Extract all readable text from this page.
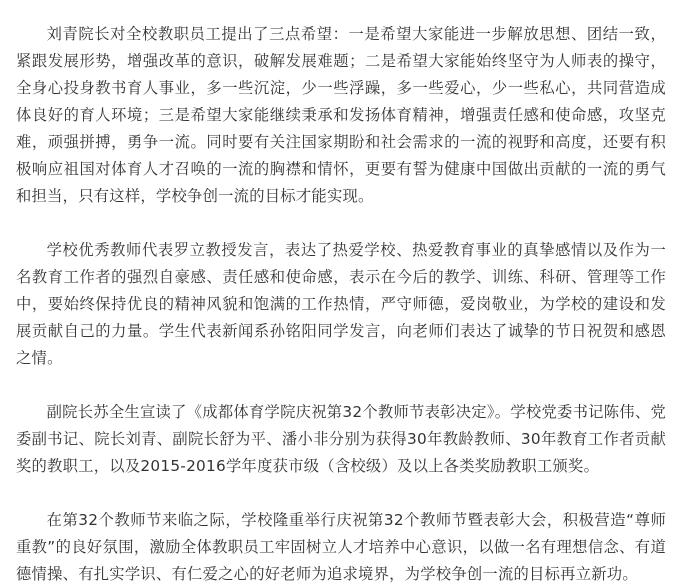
刘青院长对全校教职员工提出了三点希望：一是希望大家能进一步解放思想、团结一致，紧跟发展形势，增强改革的意识，破解发展难题；二是希望大家能始终坚守为人师表的操守，全身心投身教书育人事业，多一些沉淀，少一些浮躁，多一些爱心，少一些私心，共同营造成体良好的育人环境；三是希望大家能继续秉承和发扬体育精神，增强责任感和使命感，攻坚克难，顽强拼搏，勇争一流。同时要有关注国家期盼和社会需求的一流的视野和高度，还要有积极响应祖国对体育人才召唤的一流的胸襟和情怀，更要有誓为健康中国做出贡献的一流的勇气和担当，只有这样，学校争创一流的目标才能实现。

学校优秀教师代表罗立教授发言，表达了热爱学校、热爱教育事业的真挚感情以及作为一名教育工作者的强烈自豪感、责任感和使命感，表示在今后的教学、训练、科研、管理等工作中，要始终保持优良的精神风貌和饱满的工作热情，严守师德，爱岗敬业，为学校的建设和发展贡献自己的力量。学生代表新闻系孙铭阳同学发言，向老师们表达了诚挚的节日祝贺和感恩之情。

副院长苏全生宣读了《成都体育学院庆祝第32个教师节表彰决定》。学校党委书记陈伟、党委副书记、院长刘青、副院长舒为平、潘小非分别为获得30年教龄教师、30年教育工作者贡献奖的教职工，以及2015-2016学年度获市级（含校级）及以上各类奖励教职工颁奖。

在第32个教师节来临之际，学校隆重举行庆祝第32个教师节暨表彰大会，积极营造“尊师重教”的良好氛围，激励全体教职员工牢固树立人才培养中心意识，以做一名有理想信念、有道德情操、有扎实学识、有仁爱之心的好老师为追求境界，为学校争创一流的目标再立新功。
